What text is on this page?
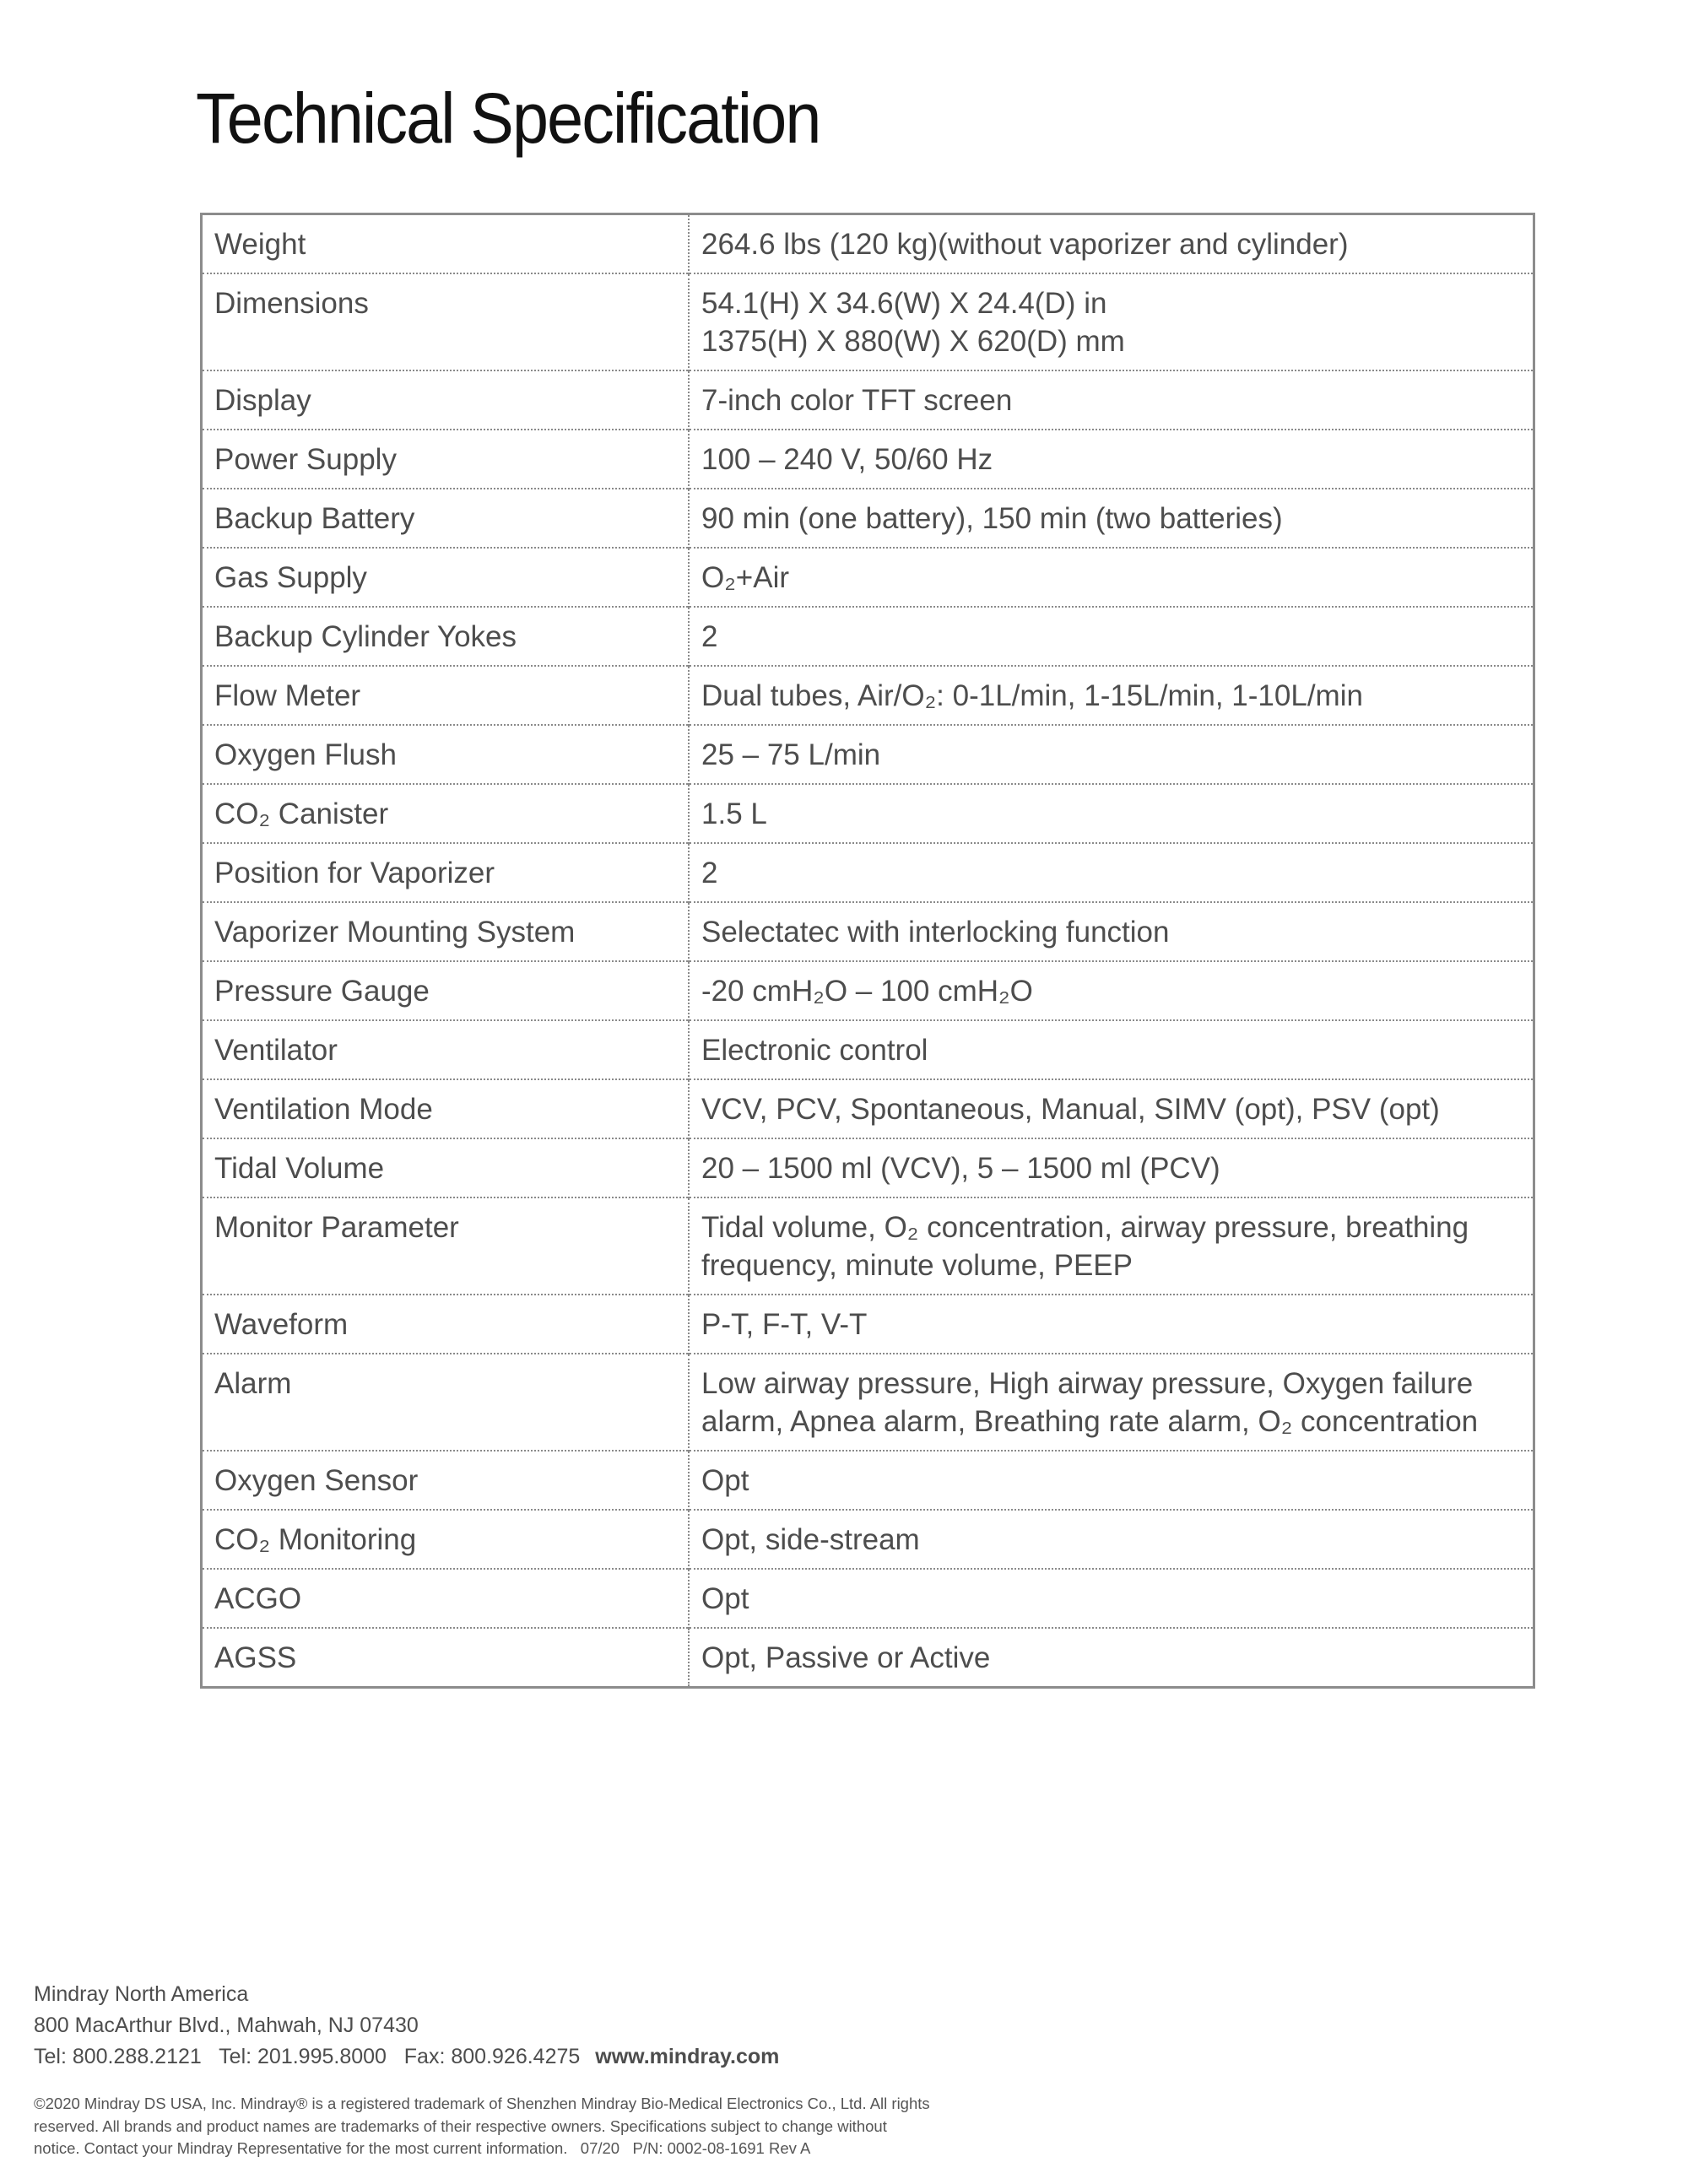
Technical Specification
Weight	264.6 lbs (120 kg)(without vaporizer and cylinder)

Dimensions	54.1(H) X 34.6(W) X 24.4(D) in
1375(H) X 880(W) X 620(D) mm

Display	7-inch color TFT screen

Power Supply	100 – 240 V, 50/60 Hz

Backup Battery	90 min (one battery), 150 min (two batteries)

Gas Supply	O₂+Air

Backup Cylinder Yokes	2

Flow Meter	Dual tubes, Air/O₂: 0-1L/min, 1-15L/min, 1-10L/min

Oxygen Flush	25 – 75 L/min

CO₂ Canister	1.5 L

Position for Vaporizer	2

Vaporizer Mounting System	Selectatec with interlocking function

Pressure Gauge	-20 cmH₂O – 100 cmH₂O

Ventilator	Electronic control

Ventilation Mode	VCV, PCV, Spontaneous, Manual, SIMV (opt), PSV (opt)

Tidal Volume	20 – 1500 ml (VCV), 5 – 1500 ml (PCV)

Monitor Parameter	Tidal volume, O₂ concentration, airway pressure, breathing
frequency, minute volume, PEEP

Waveform	P-T, F-T, V-T

Alarm	Low airway pressure, High airway pressure, Oxygen failure
alarm, Apnea alarm, Breathing rate alarm, O₂ concentration

Oxygen Sensor	Opt

CO₂ Monitoring	Opt, side-stream

ACGO	Opt

AGSS	Opt, Passive or Active
Mindray North America
800 MacArthur Blvd., Mahwah, NJ 07430
Tel: 800.288.2121   Tel: 201.995.8000   Fax: 800.926.4275 www.mindray.com
©2020 Mindray DS USA, Inc. Mindray® is a registered trademark of Shenzhen Mindray Bio-Medical Electronics Co., Ltd. All rights
reserved. All brands and product names are trademarks of their respective owners. Specifications subject to change without
notice. Contact your Mindray Representative for the most current information.   07/20   P/N: 0002-08-1691 Rev A
